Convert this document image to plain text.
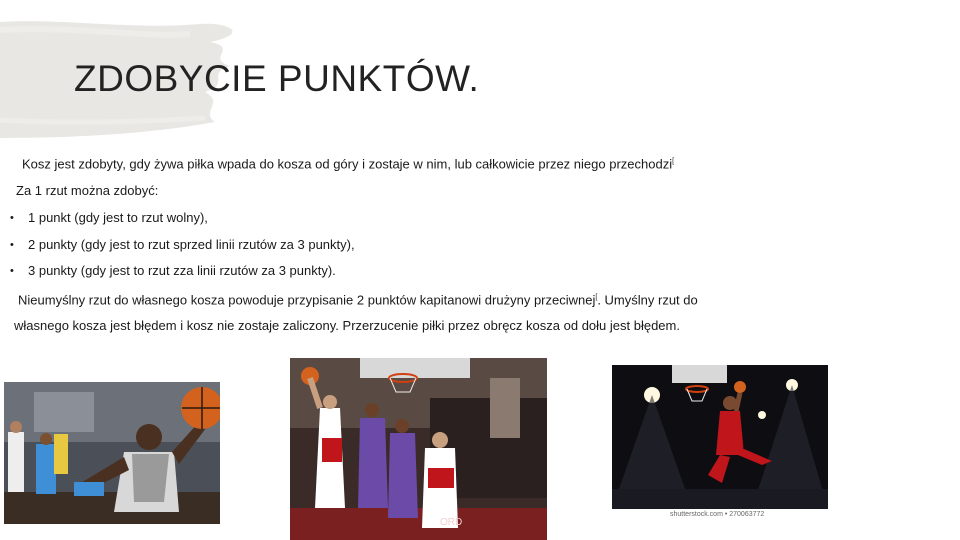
ZDOBYCIE PUNKTÓW.
Kosz jest zdobyty, gdy żywa piłka wpada do kosza od góry i zostaje w nim, lub całkowicie przez niego przechodzi[
Za 1 rzut można zdobyć:
• 1 punkt (gdy jest to rzut wolny),
• 2 punkty (gdy jest to rzut sprzed linii rzutów za 3 punkty),
• 3 punkty (gdy jest to rzut zza linii rzutów za 3 punkty).
Nieumyślny rzut do własnego kosza powoduje przypisanie 2 punktów kapitanowi drużyny przeciwnej[. Umyślny rzut do
własnego kosza jest błędem i kosz nie zostaje zaliczony. Przerzucenie piłki przez obręcz kosza od dołu jest błędem.
ORD
shutterstock.com • 270063772
